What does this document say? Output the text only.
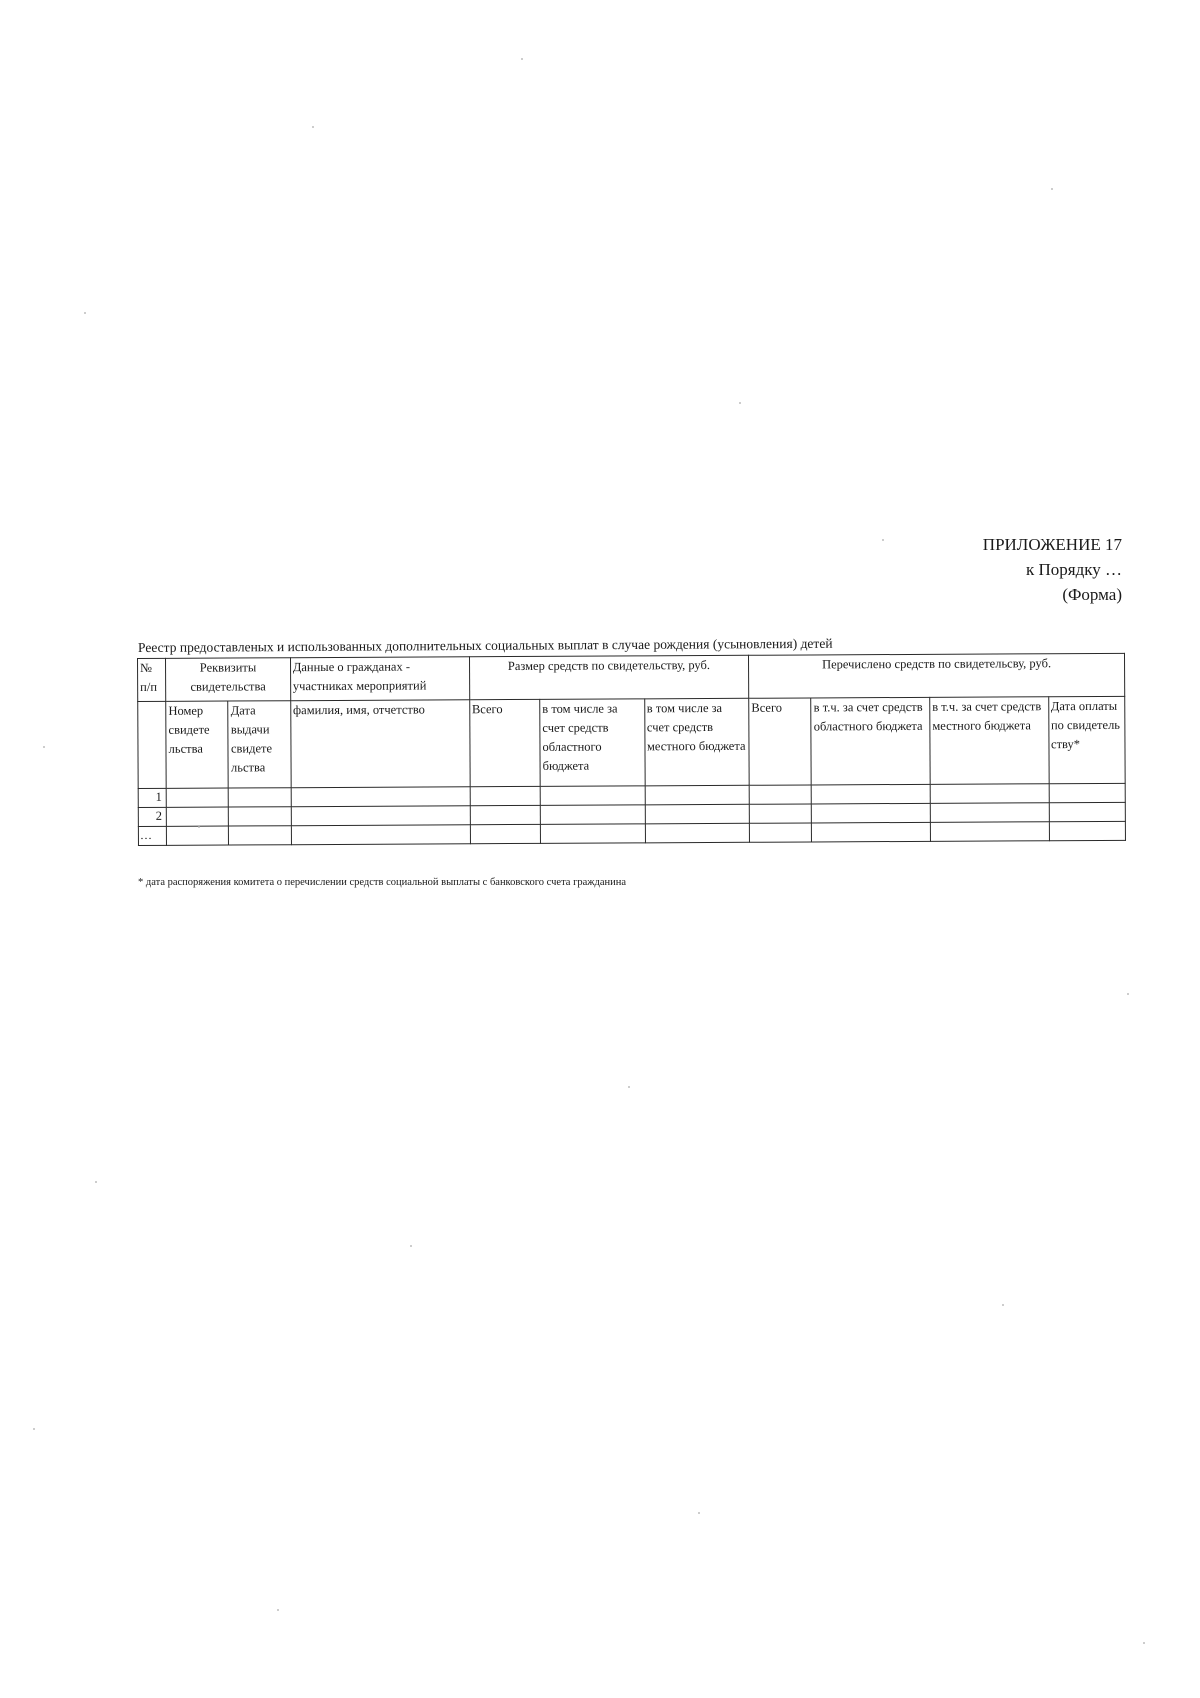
ПРИЛОЖЕНИЕ 17
к Порядку …
(Форма)
Реестр предоставленых и использованных дополнительных социальных выплат в случае рождения (усыновления) детей
№ п/п	Реквизиты свидетельства		Данные о гражданах - участниках мероприятий	Размер средств по свидетельству, руб.			Перечислено средств по свидетельсву, руб.			
	Номер свидете льства	Дата выдачи свидете льства	фамилия, имя, отчетство	Всего	в том числе за счет средств областного бюджета	в том числе за счет средств местного бюджета	Всего	в т.ч. за счет средств областного бюджета	в т.ч. за счет средств местного бюджета	Дата оплаты по свидетель ству*
1										
2										
…										
* дата распоряжения комитета о перечислении средств социальной выплаты с банковского счета гражданина
